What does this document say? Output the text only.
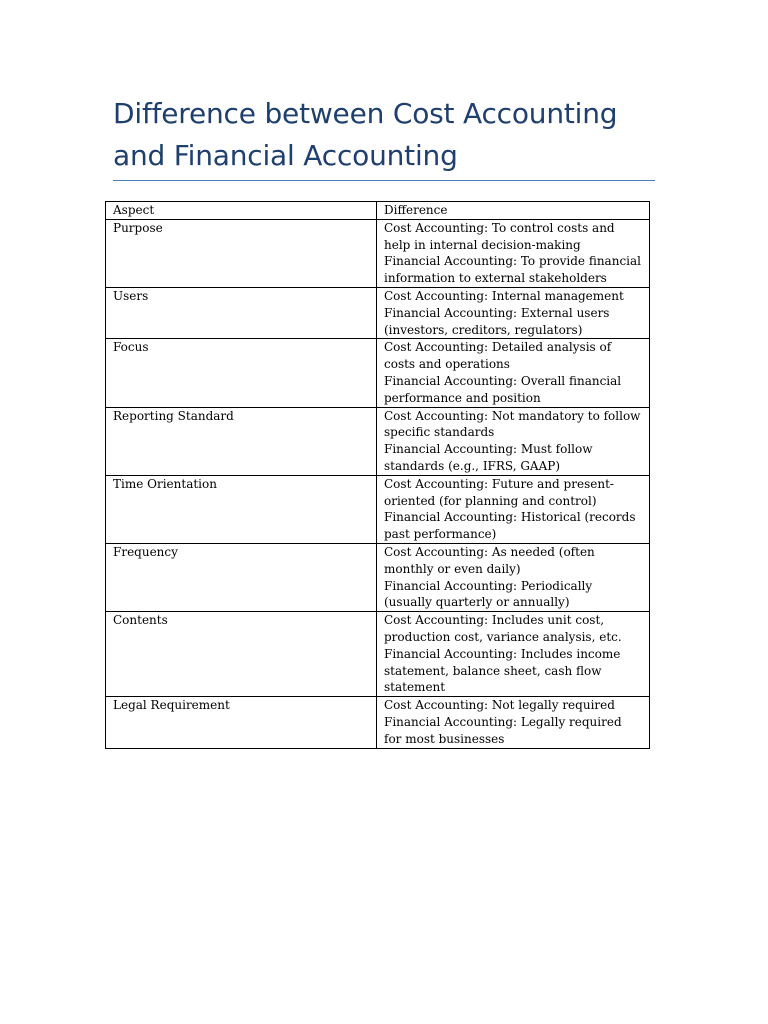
Difference between Cost Accounting and Financial Accounting
Aspect	Difference
Purpose	Cost Accounting: To control costs and help in internal decision-making
Financial Accounting: To provide financial information to external stakeholders

Users	Cost Accounting: Internal management
Financial Accounting: External users (investors, creditors, regulators)

Focus	Cost Accounting: Detailed analysis of costs and operations
Financial Accounting: Overall financial performance and position

Reporting Standard	Cost Accounting: Not mandatory to follow specific standards
Financial Accounting: Must follow standards (e.g., IFRS, GAAP)

Time Orientation	Cost Accounting: Future and present-oriented (for planning and control)
Financial Accounting: Historical (records past performance)

Frequency	Cost Accounting: As needed (often monthly or even daily)
Financial Accounting: Periodically (usually quarterly or annually)

Contents	Cost Accounting: Includes unit cost, production cost, variance analysis, etc.
Financial Accounting: Includes income statement, balance sheet, cash flow statement

Legal Requirement	Cost Accounting: Not legally required
Financial Accounting: Legally required for most businesses
